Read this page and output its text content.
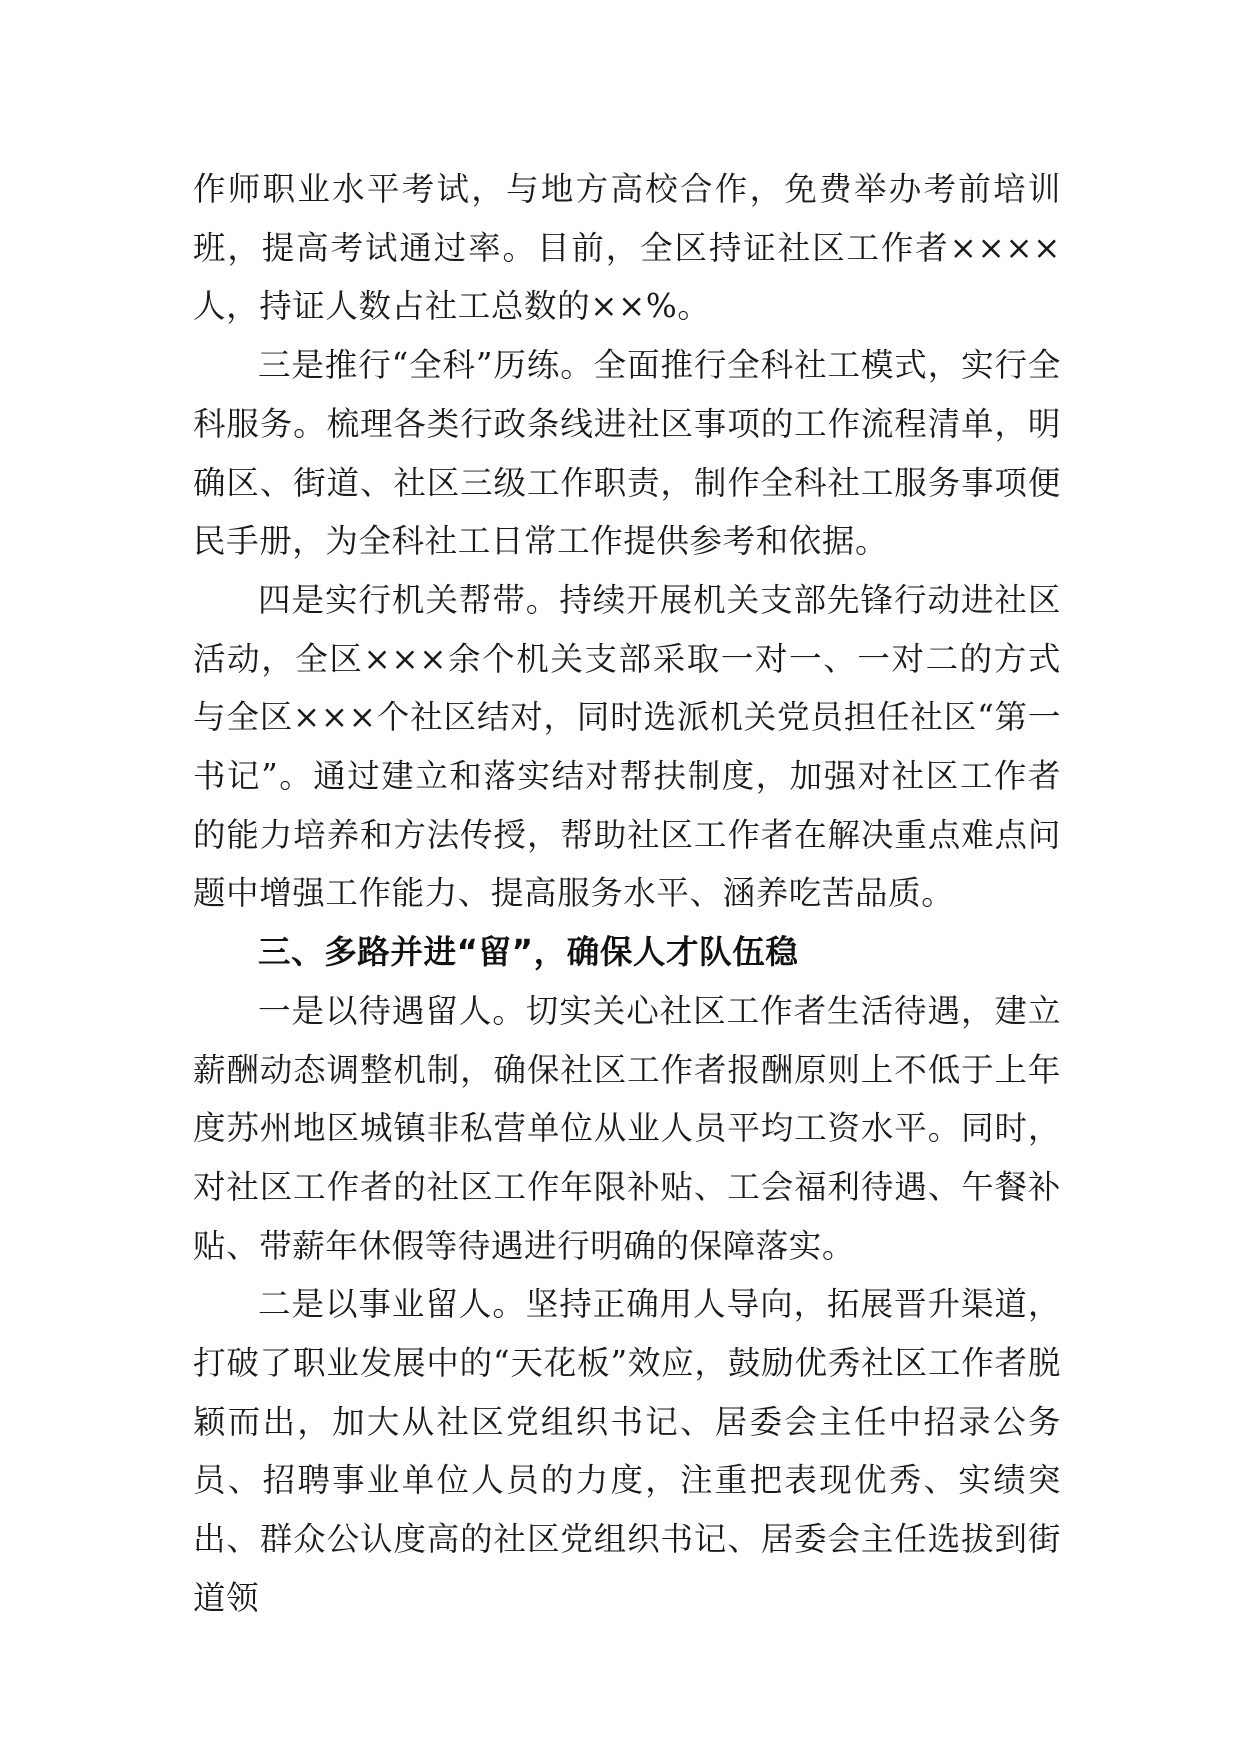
作师职业水平考试，与地方高校合作，免费举办考前培训班，提高考试通过率。目前，全区持证社区工作者××××人，持证人数占社工总数的××%。

三是推行“全科”历练。全面推行全科社工模式，实行全科服务。梳理各类行政条线进社区事项的工作流程清单，明确区、街道、社区三级工作职责，制作全科社工服务事项便民手册，为全科社工日常工作提供参考和依据。

四是实行机关帮带。持续开展机关支部先锋行动进社区活动，全区×××余个机关支部采取一对一、一对二的方式与全区×××个社区结对，同时选派机关党员担任社区“第一书记”。通过建立和落实结对帮扶制度，加强对社区工作者的能力培养和方法传授，帮助社区工作者在解决重点难点问题中增强工作能力、提高服务水平、涵养吃苦品质。

三、多路并进“留”，确保人才队伍稳

一是以待遇留人。切实关心社区工作者生活待遇，建立薪酬动态调整机制，确保社区工作者报酬原则上不低于上年度苏州地区城镇非私营单位从业人员平均工资水平。同时，对社区工作者的社区工作年限补贴、工会福利待遇、午餐补贴、带薪年休假等待遇进行明确的保障落实。

二是以事业留人。坚持正确用人导向，拓展晋升渠道，打破了职业发展中的“天花板”效应，鼓励优秀社区工作者脱颖而出，加大从社区党组织书记、居委会主任中招录公务员、招聘事业单位人员的力度，注重把表现优秀、实绩突出、群众公认度高的社区党组织书记、居委会主任选拔到街道领
